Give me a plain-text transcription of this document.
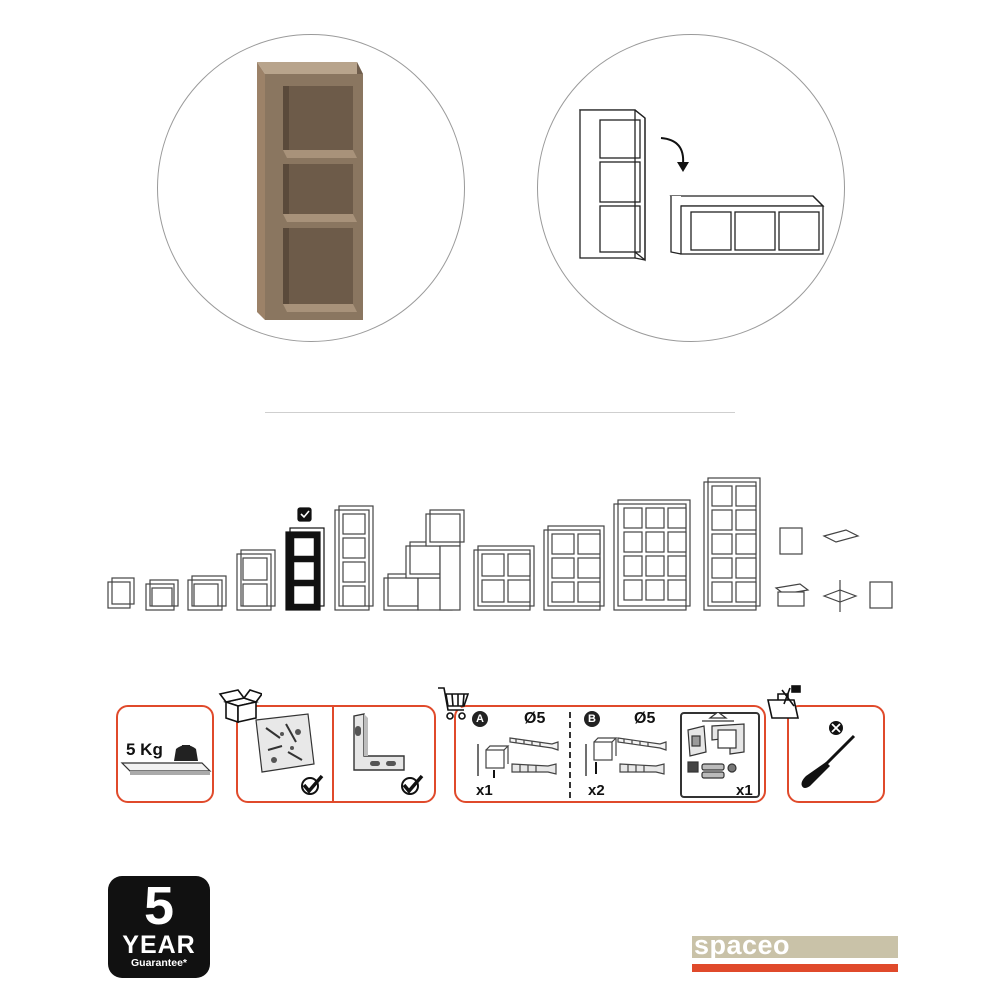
5 Kg
A	Ø5
x1
B Ø5
x2	x1
5
YEAR
Guarantee*
spaceo
